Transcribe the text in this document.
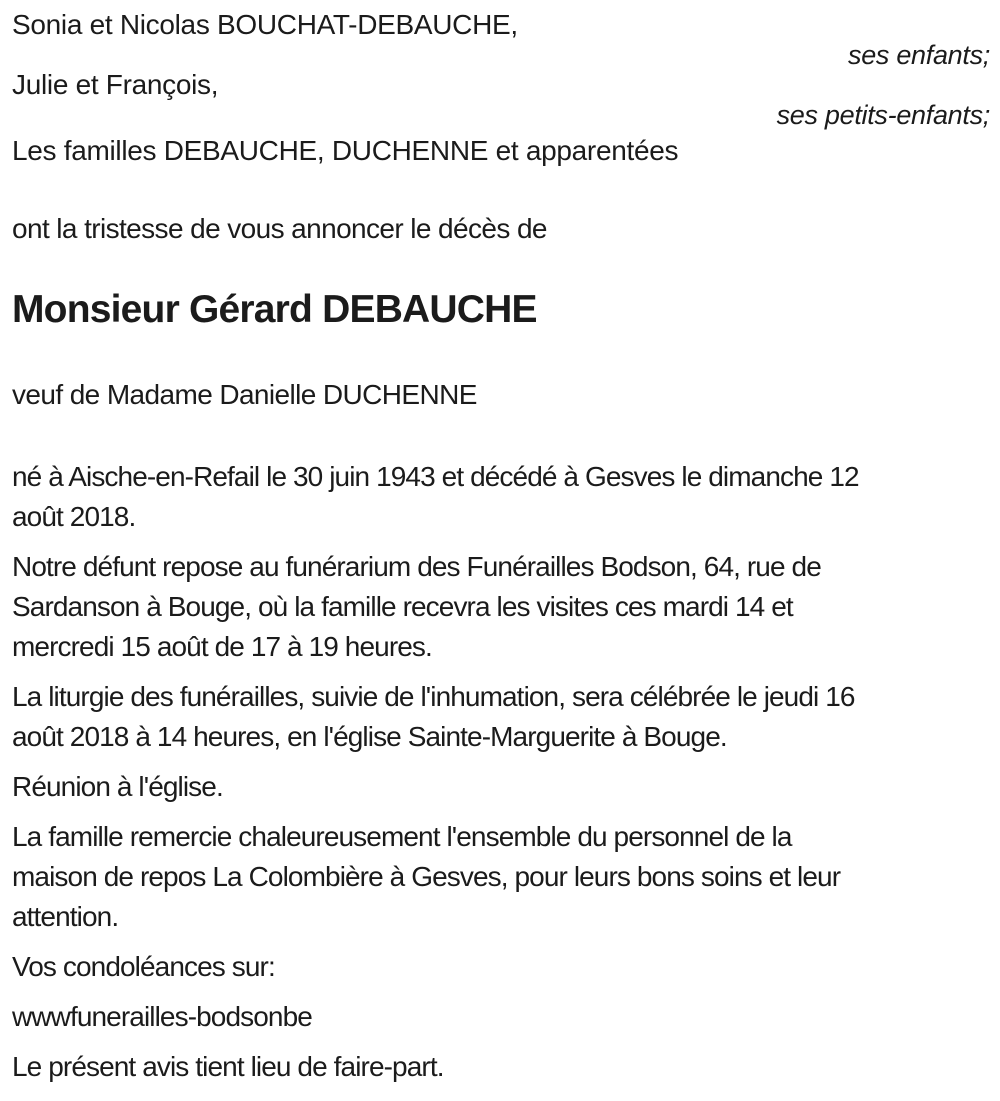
Sonia et Nicolas BOUCHAT-DEBAUCHE,
ses enfants;
Julie et François,
ses petits-enfants;
Les familles DEBAUCHE, DUCHENNE et apparentées
ont la tristesse de vous annoncer le décès de
Monsieur Gérard DEBAUCHE
veuf de Madame Danielle DUCHENNE
né à Aische-en-Refail le 30 juin 1943 et décédé à Gesves le dimanche 12
août 2018.
Notre défunt repose au funérarium des Funérailles Bodson, 64, rue de
Sardanson à Bouge, où la famille recevra les visites ces mardi 14 et
mercredi 15 août de 17 à 19 heures.
La liturgie des funérailles, suivie de l'inhumation, sera célébrée le jeudi 16
août 2018 à 14 heures, en l'église Sainte-Marguerite à Bouge.
Réunion à l'église.
La famille remercie chaleureusement l'ensemble du personnel de la
maison de repos La Colombière à Gesves, pour leurs bons soins et leur
attention.
Vos condoléances sur:
wwwfunerailles-bodsonbe
Le présent avis tient lieu de faire-part.
